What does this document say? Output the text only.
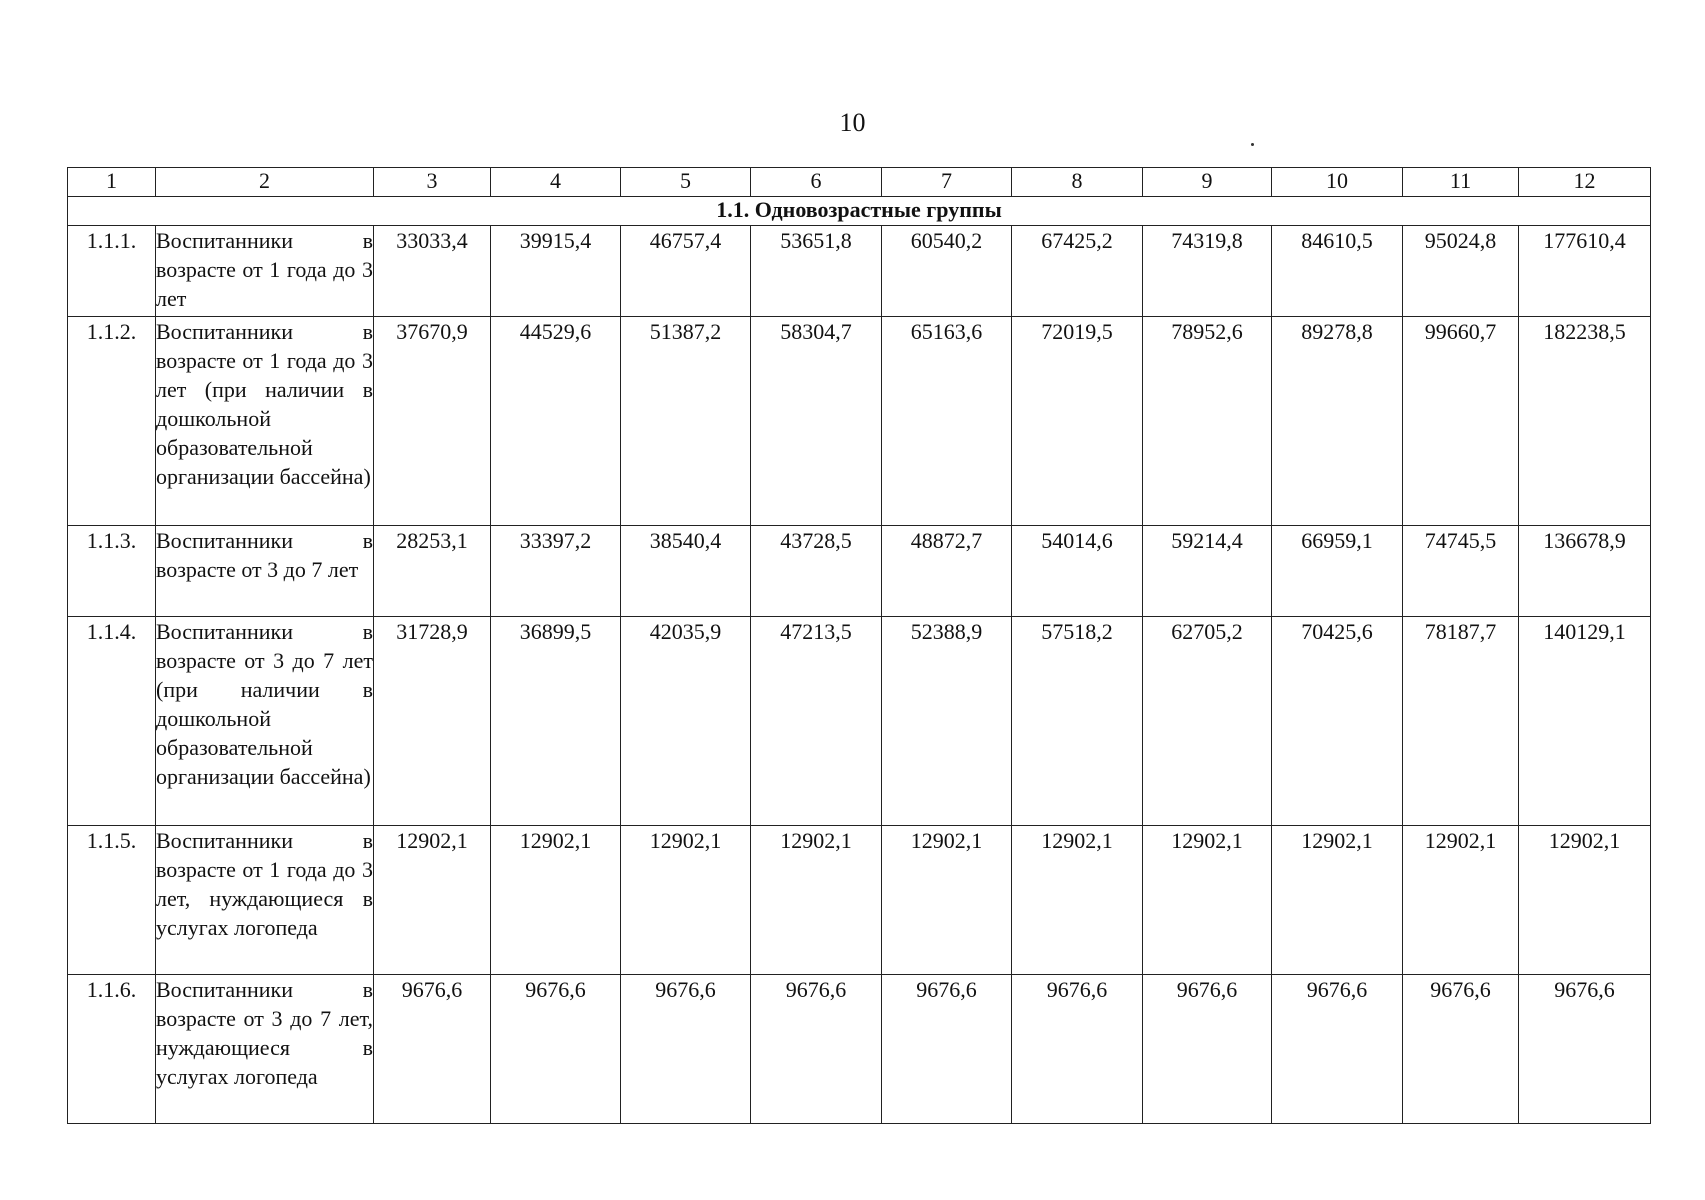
10
1	2	3	4	5	6	7	8	9	10	11	12
1.1. Одновозрастные группы											
1.1.1.	Воспитанники в возрасте от 1 года до 3 лет	33033,4	39915,4	46757,4	53651,8	60540,2	67425,2	74319,8	84610,5	95024,8	177610,4
1.1.2.	Воспитанники в возрасте от 1 года до 3 лет (при наличии в дошкольной образовательной организации бассейна)	37670,9	44529,6	51387,2	58304,7	65163,6	72019,5	78952,6	89278,8	99660,7	182238,5
1.1.3.	Воспитанники в возрасте от 3 до 7 лет	28253,1	33397,2	38540,4	43728,5	48872,7	54014,6	59214,4	66959,1	74745,5	136678,9
1.1.4.	Воспитанники в возрасте от 3 до 7 лет (при наличии в дошкольной образовательной организации бассейна)	31728,9	36899,5	42035,9	47213,5	52388,9	57518,2	62705,2	70425,6	78187,7	140129,1
1.1.5.	Воспитанники в возрасте от 1 года до 3 лет, нуждающиеся в услугах логопеда	12902,1	12902,1	12902,1	12902,1	12902,1	12902,1	12902,1	12902,1	12902,1	12902,1
1.1.6.	Воспитанники в возрасте от 3 до 7 лет, нуждающиеся в услугах логопеда	9676,6	9676,6	9676,6	9676,6	9676,6	9676,6	9676,6	9676,6	9676,6	9676,6
